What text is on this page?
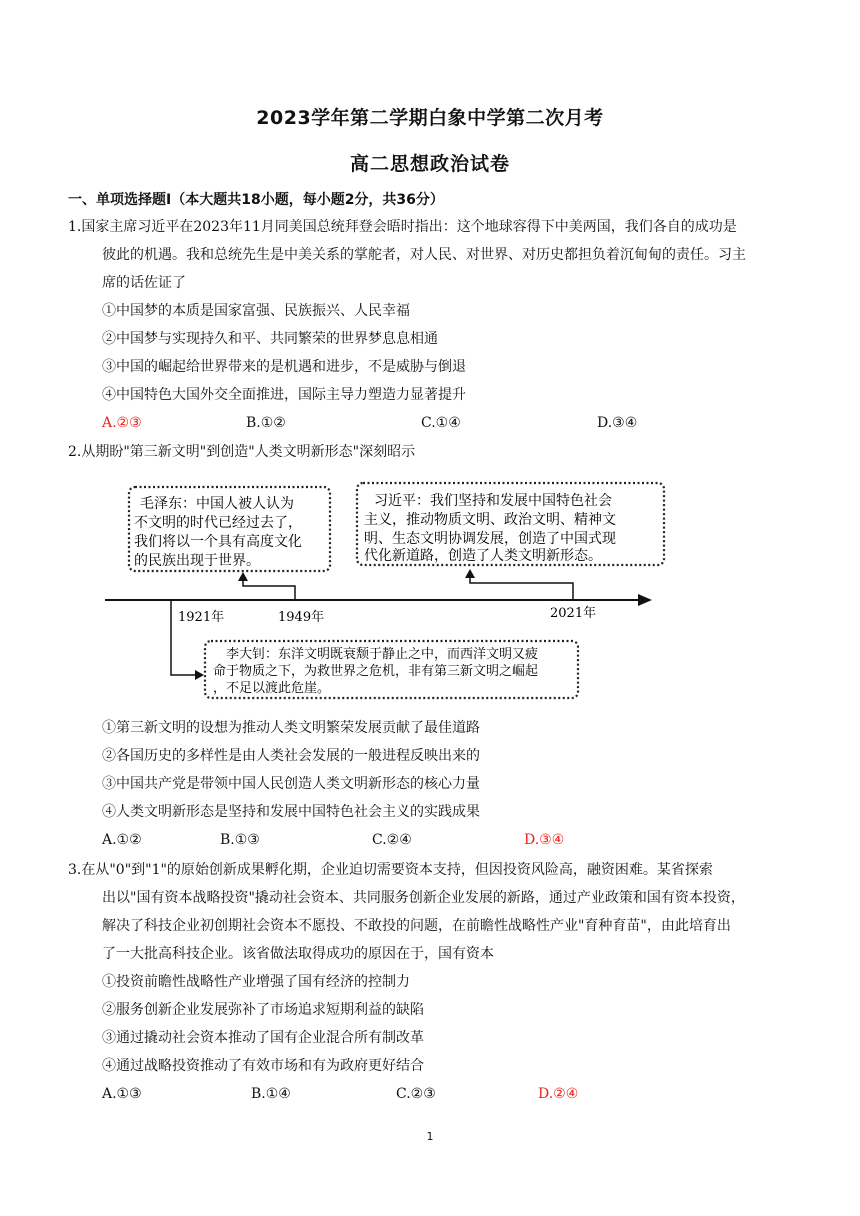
2023学年第二学期白象中学第二次月考
高二思想政治试卷
一、单项选择题Ⅰ（本大题共18小题，每小题2分，共36分）
1.国家主席习近平在2023年11月同美国总统拜登会晤时指出：这个地球容得下中美两国，我们各自的成功是
彼此的机遇。我和总统先生是中美关系的掌舵者，对人民、对世界、对历史都担负着沉甸甸的责任。习主
席的话佐证了
①中国梦的本质是国家富强、民族振兴、人民幸福
②中国梦与实现持久和平、共同繁荣的世界梦息息相通
③中国的崛起给世界带来的是机遇和进步，不是威胁与倒退
④中国特色大国外交全面推进，国际主导力塑造力显著提升
A.②③	B.①②	C.①④	D.③④
2.从期盼"第三新文明"到创造"人类文明新形态"深刻昭示
毛泽东：中国人被人认为
不文明的时代已经过去了，
我们将以一个具有高度文化
的民族出现于世界。
习近平：我们坚持和发展中国特色社会
主义，推动物质文明、政治文明、精神文
明、生态文明协调发展，创造了中国式现
代化新道路，创造了人类文明新形态。
1921年	1949年	2021年
李大钊：东洋文明既衰颓于静止之中，而西洋文明又疲
命于物质之下，为救世界之危机，非有第三新文明之崛起
，不足以渡此危崖。
①第三新文明的设想为推动人类文明繁荣发展贡献了最佳道路
②各国历史的多样性是由人类社会发展的一般进程反映出来的
③中国共产党是带领中国人民创造人类文明新形态的核心力量
④人类文明新形态是坚持和发展中国特色社会主义的实践成果
A.①②	B.①③	C.②④	D.③④
3.在从"0"到"1"的原始创新成果孵化期，企业迫切需要资本支持，但因投资风险高，融资困难。某省探索
出以"国有资本战略投资"撬动社会资本、共同服务创新企业发展的新路，通过产业政策和国有资本投资，
解决了科技企业初创期社会资本不愿投、不敢投的问题，在前瞻性战略性产业"育种育苗"，由此培育出
了一大批高科技企业。该省做法取得成功的原因在于，国有资本
①投资前瞻性战略性产业增强了国有经济的控制力
②服务创新企业发展弥补了市场追求短期利益的缺陷
③通过撬动社会资本推动了国有企业混合所有制改革
④通过战略投资推动了有效市场和有为政府更好结合
A.①③	B.①④	C.②③	D.②④
1
